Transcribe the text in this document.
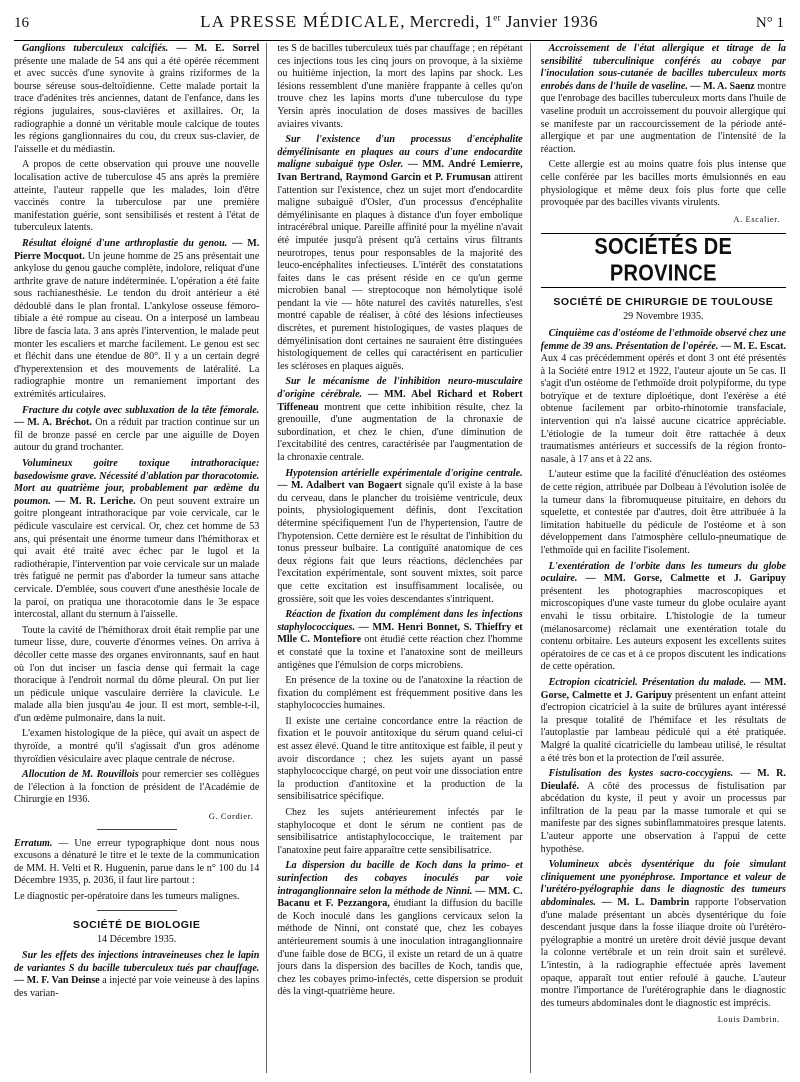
16	LA PRESSE MÉDICALE, Mercredi, 1er Janvier 1936	N° 1

Ganglions tuberculeux calcifiés. — M. E. Sorrel présente une malade de 54 ans qui a été opérée récemment et avec succès d'une synovite à grains riziformes de la bourse séreuse sous-deltoïdienne. Cette malade portait la trace d'adénites très anciennes, datant de l'enfance, dans les régions jugulaires, sous-clavières et axillaires. Or, la radiographie a donné un véritable moule calcique de toutes les régions ganglionnaires du cou, du creux sus-clavier, de l'aisselle et du médiastin.

A propos de cette observation qui prouve une nouvelle localisation active de tuberculose 45 ans après la première atteinte, l'auteur rappelle que les malades, loin d'être vaccinés contre la tuberculose par une première manifestation guérie, sont sensibilisés et restent à l'état de tuberculeux latents.

Résultat éloigné d'une arthroplastie du genou. — M. Pierre Mocquot. Un jeune homme de 25 ans présentait une ankylose du genou gauche complète, indolore, reliquat d'une arthrite grave de nature indéterminée. L'opération a été faite sous rachianesthésie. Le tendon du droit antérieur a été dédoublé dans le plan frontal. L'ankylose osseuse fémoro-tibiale a été rompue au ciseau. On a interposé un lambeau libre de fascia lata. 3 ans après l'intervention, le malade peut monter les escaliers et marche facilement. Le genou est sec et fléchit dans une étendue de 80°. Il y a un certain degré d'hyperextension et des mouvements de latéralité. La radiographie montre un remaniement important des extrémités articulaires.

Fracture du cotyle avec subluxation de la tête fémorale. — M. A. Bréchot. On a réduit par traction continue sur un fil de bronze passé en cercle par une aiguille de Doyen autour du grand trochanter.

Volumineux goitre toxique intrathoracique: basedowisme grave. Nécessité d'ablation par thoracotomie. Mort au quatrième jour, probablement par œdème du poumon. — M. R. Leriche. On peut souvent extraire un goitre plongeant intrathoracique par voie cervicale, car le pédicule vasculaire est cervical. Or, chez cet homme de 53 ans, qui présentait une énorme tumeur dans l'hémithorax et qui avait été traité avec échec par le lugol et la radiothérapie, l'intervention par voie cervicale sur un malade très fatigué ne permit pas d'aborder la tumeur sans attache cervicale. D'emblée, sous couvert d'une anesthésie locale de la paroi, on pratiqua une thoracotomie dans le 3e espace intercostal, allant du sternum à l'aisselle.

Toute la cavité de l'hémithorax droit était remplie par une tumeur lisse, dure, couverte d'énormes veines. On arriva à décoller cette masse des organes environnants, sauf en haut où l'on dut inciser un fascia dense qui fermait la cage thoracique à l'endroit normal du dôme pleural. On put lier un pédicule unique vasculaire derrière la clavicule. Le malade alla bien jusqu'au 4e jour. Il est mort, semble-t-il, d'un œdème pulmonaire, dans la nuit.

L'examen histologique de la pièce, qui avait un aspect de thyroïde, a montré qu'il s'agissait d'un gros adénome thyroïdien vésiculaire avec plaque centrale de nécrose.

Allocution de M. Rouvillois pour remercier ses collègues de l'élection à la fonction de président de l'Académie de Chirurgie en 1936.

G. Cordier.

Erratum. — Une erreur typographique dont nous nous excusons a dénaturé le titre et le texte de la communication de MM. H. Velti et R. Huguenin, parue dans le n° 100 du 14 Décembre 1935, p. 2036, il faut lire partout :

Le diagnostic per-opératoire dans les tumeurs malignes.

SOCIÉTÉ DE BIOLOGIE

14 Décembre 1935.

Sur les effets des injections intraveineuses chez le lapin de variantes S du bacille tuberculeux tués par chauffage. — M. F. Van Deinse a injecté par voie veineuse à des lapins des varian-

tes S de bacilles tuberculeux tués par chauffage ; en répétant ces injections tous les cinq jours on provoque, à la sixième ou huitième injection, la mort des lapins par shock. Les lésions ressemblent d'une manière frappante à celles qu'on trouve chez les lapins morts d'une tuberculose du type Yersin après inoculation de doses massives de bacilles aviaires vivants.

Sur l'existence d'un processus d'encéphalite démyélinisante en plaques au cours d'une endocardite maligne subaiguë type Osler. — MM. André Lemierre, Ivan Bertrand, Raymond Garcin et P. Frumusan attirent l'attention sur l'existence, chez un sujet mort d'endocardite maligne subaiguë d'Osler, d'un processus d'encéphalite démyélinisante en plaques à distance d'un foyer embolique intracérébral unique. Pareille affinité pour la myéline n'avait été imputée jusqu'à présent qu'à certains virus filtrants neurotropes, tenus pour responsables de la majorité des leuco-encéphalites infectieuses. L'intérêt des constatations faites dans le cas présent réside en ce qu'un germe microbien banal — streptocoque non hémolytique isolé pendant la vie — hôte naturel des cavités naturelles, s'est montré capable de réaliser, à côté des lésions infectieuses discrètes, et purement histologiques, de vastes plaques de démyélinisation dont certaines ne sauraient être distinguées histologiquement de celles qui caractérisent en particulier les scléroses en plaques aiguës.

Sur le mécanisme de l'inhibition neuro-musculaire d'origine cérébrale. — MM. Abel Richard et Robert Tiffeneau montrent que cette inhibition résulte, chez la grenouille, d'une augmentation de la chronaxie de subordination, et chez le chien, d'une diminution de l'excitabilité des centres, caractérisée par l'augmentation de la chronaxie centrale.

Hypotension artérielle expérimentale d'origine centrale. — M. Adalbert van Bogaert signale qu'il existe à la base du cerveau, dans le plancher du troisième ventricule, deux points, physiologiquement définis, dont l'excitation détermine spécifiquement l'un de l'hypertension, l'autre de l'hypotension. Cette dernière est le résultat de l'inhibition du tonus presseur bulbaire. La contiguïté anatomique de ces deux régions fait que leurs réactions, déclenchées par l'excitation expérimentale, sont souvent mixtes, soit parce que cette excitation est insuffisamment localisée, ou grossière, soit que les voies descendantes s'intriquent.

Réaction de fixation du complément dans les infections staphylococciques. — MM. Henri Bonnet, S. Thieffry et Mlle C. Montefiore ont étudié cette réaction chez l'homme et constaté que la toxine et l'anatoxine sont de meilleurs antigènes que l'émulsion de corps microbiens.

En présence de la toxine ou de l'anatoxine la réaction de fixation du complément est fréquemment positive dans les staphylococcies humaines.

Il existe une certaine concordance entre la réaction de fixation et le pouvoir antitoxique du sérum quand celui-ci est assez élevé. Quand le titre antitoxique est faible, il peut y avoir discordance ; chez les sujets ayant un passé staphylococcique chargé, on peut voir une dissociation entre la production d'antitoxine et la production de la sensibilisatrice spécifique.

Chez les sujets antérieurement infectés par le staphylocoque et dont le sérum ne contient pas de sensibilisatrice antistaphylococcique, le traitement par l'anatoxine peut faire apparaître cette sensibilisatrice.

La dispersion du bacille de Koch dans la primo- et surinfection des cobayes inoculés par voie intraganglionnaire selon la méthode de Ninni. — MM. C. Bacanu et F. Pezzangora, étudiant la diffusion du bacille de Koch inoculé dans les ganglions cervicaux selon la méthode de Ninni, ont constaté que, chez les cobayes antérieurement soumis à une inoculation intraganglionnaire d'une faible dose de BCG, il existe un retard de un à quatre jours dans la dispersion des bacilles de Koch, tandis que, chez les cobayes primo-infectés, cette dispersion se produit dès la vingt-quatrième heure.

Accroissement de l'état allergique et titrage de la sensibilité tuberculinique conférés au cobaye par l'inoculation sous-cutanée de bacilles tuberculeux morts enrobés dans de l'huile de vaseline. — M. A. Saenz montre que l'enrobage des bacilles tuberculeux morts dans l'huile de vaseline produit un accroissement du pouvoir allergique qui se manifeste par un raccourcissement de la période anté-allergique et par une augmentation de l'intensité de la réaction.

Cette allergie est au moins quatre fois plus intense que celle conférée par les bacilles morts émulsionnés en eau physiologique et même deux fois plus forte que celle provoquée par des bacilles vivants virulents.

A. Escalier.

SOCIÉTÉS DE PROVINCE
SOCIÉTÉ DE CHIRURGIE DE TOULOUSE

29 Novembre 1935.

Cinquième cas d'ostéome de l'ethmoïde observé chez une femme de 39 ans. Présentation de l'opérée. — M. E. Escat. Aux 4 cas précédemment opérés et dont 3 ont été présentés à la Société entre 1912 et 1922, l'auteur ajoute un 5e cas. Il s'agit d'un ostéome de l'ethmoïde droit polypiforme, du type botryïque et de texture diploétique, dont l'exérèse a été obtenue facilement par orbito-rhinotomie transfaciale, intervention qui n'a laissé aucune cicatrice appréciable. L'étiologie de la tumeur doit être rattachée à deux traumatismes antérieurs et successifs de la région fronto-nasale, à 17 ans et à 22 ans.

L'auteur estime que la facilité d'énucléation des ostéomes de cette région, attribuée par Dolbeau à l'évolution isolée de la tumeur dans la fibromuqueuse pituitaire, en dehors du squelette, et contestée par d'autres, doit être attribuée à la limitation habituelle du pédicule de l'ostéome et à son développement dans l'atmosphère cellulo-pneumatique de l'ethmoïde qui en facilite l'isolement.

L'exentération de l'orbite dans les tumeurs du globe oculaire. — MM. Gorse, Calmette et J. Garipuy présentent les photographies macroscopiques et microscopiques d'une vaste tumeur du globe oculaire ayant envahi le tissu orbitaire. L'histologie de la tumeur (mélanosarcome) réclamait une exentération totale du contenu orbitaire. Les auteurs exposent les excellents suites opératoires de ce cas et à ce propos discutent les indications de cette opération.

Ectropion cicatriciel. Présentation du malade. — MM. Gorse, Calmette et J. Garipuy présentent un enfant atteint d'ectropion cicatriciel à la suite de brûlures ayant intéressé la presque totalité de l'hémiface et les résultats de l'autoplastie par lambeau pédiculé qui a été pratiquée. Malgré la qualité cicatricielle du lambeau utilisé, le résultat a été très bon et la protection de l'œil assurée.

Fistulisation des kystes sacro-coccygiens. — M. R. Dieulafé. A côté des processus de fistulisation par abcédation du kyste, il peut y avoir un processus par infiltration de la peau par la masse tumorale et qui se manifeste par des signes subinflammatoires presque latents. L'auteur apporte une observation à l'appui de cette hypothèse.

Volumineux abcès dysentérique du foie simulant cliniquement une pyonéphrose. Importance et valeur de l'urétéro-pyélographie dans le diagnostic des tumeurs abdominales. — M. L. Dambrin rapporte l'observation d'une malade présentant un abcès dysentérique du foie descendant jusque dans la fosse iliaque droite où l'urétéro-pyélographie a montré un uretère droit dévié jusque devant la colonne vertébrale et un rein droit sain et surélevé. L'intestin, à la radiographie effectuée après lavement opaque, apparaît tout entier refoulé à gauche. L'auteur montre l'importance de l'urétérographie dans le diagnostic des tumeurs abdominales dont le diagnostic est imprécis.

Louis Dambrin.
